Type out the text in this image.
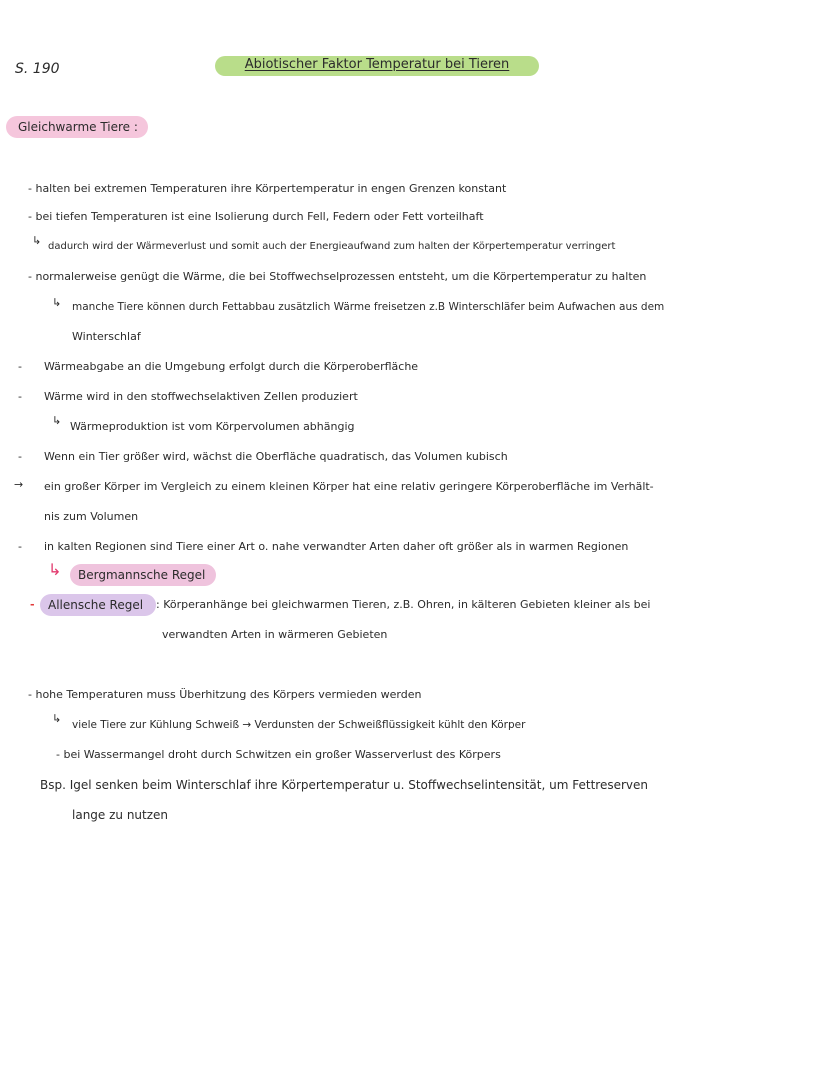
S. 190	Abiotischer Faktor Temperatur bei Tieren
Gleichwarme Tiere :
- halten bei extremen Temperaturen ihre Körpertemperatur in engen Grenzen konstant
- bei tiefen Temperaturen ist eine Isolierung durch Fell, Federn oder Fett vorteilhaft
↳ dadurch wird der Wärmeverlust und somit auch der Energieaufwand zum halten der Körpertemperatur verringert
- normalerweise genügt die Wärme, die bei Stoffwechselprozessen entsteht, um die Körpertemperatur zu halten
↳ manche Tiere können durch Fettabbau zusätzlich Wärme freisetzen z.B Winterschläfer beim Aufwachen aus dem
Winterschlaf
- Wärmeabgabe an die Umgebung erfolgt durch die Körperoberfläche
- Wärme wird in den stoffwechselaktiven Zellen produziert
↳ Wärmeproduktion ist vom Körpervolumen abhängig
- Wenn ein Tier größer wird, wächst die Oberfläche quadratisch, das Volumen kubisch
→ ein großer Körper im Vergleich zu einem kleinen Körper hat eine relativ geringere Körperoberfläche im Verhält-
nis zum Volumen
- in kalten Regionen sind Tiere einer Art o. nahe verwandter Arten daher oft größer als in warmen Regionen
↳ Bergmannsche Regel
- Allensche Regel : Körperanhänge bei gleichwarmen Tieren, z.B. Ohren, in kälteren Gebieten kleiner als bei
verwandten Arten in wärmeren Gebieten
- hohe Temperaturen muss Überhitzung des Körpers vermieden werden
↳ viele Tiere zur Kühlung Schweiß → Verdunsten der Schweißflüssigkeit kühlt den Körper
- bei Wassermangel droht durch Schwitzen ein großer Wasserverlust des Körpers
Bsp. Igel senken beim Winterschlaf ihre Körpertemperatur u. Stoffwechselintensität, um Fettreserven
lange zu nutzen
